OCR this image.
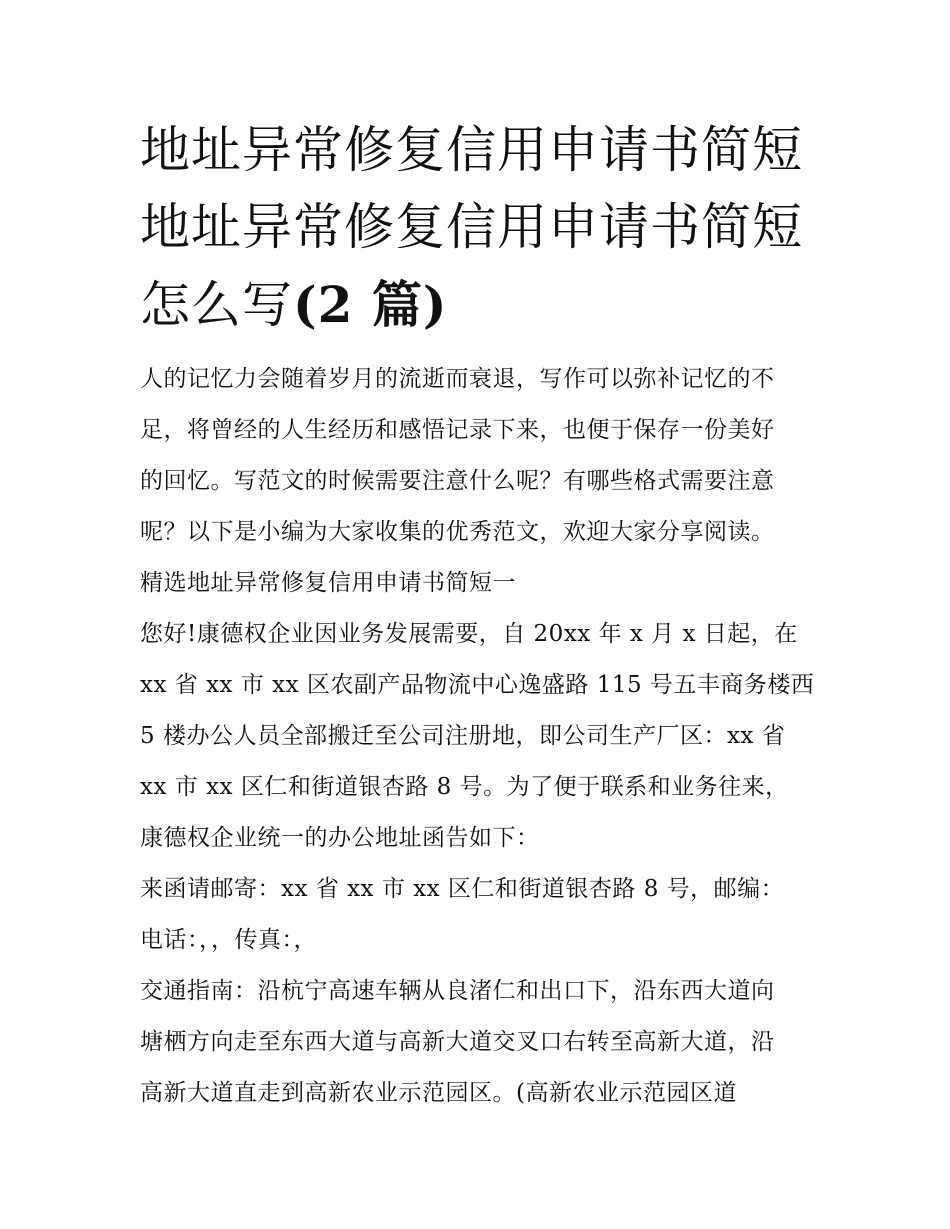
地址异常修复信用申请书简短
地址异常修复信用申请书简短
怎么写(2 篇)
人的记忆力会随着岁月的流逝而衰退，写作可以弥补记忆的不
足，将曾经的人生经历和感悟记录下来，也便于保存一份美好
的回忆。写范文的时候需要注意什么呢？有哪些格式需要注意
呢？以下是小编为大家收集的优秀范文，欢迎大家分享阅读。
精选地址异常修复信用申请书简短一
您好!康德权企业因业务发展需要，自 20xx 年 x 月 x 日起，在
xx 省 xx 市 xx 区农副产品物流中心逸盛路 115 号五丰商务楼西
5 楼办公人员全部搬迁至公司注册地，即公司生产厂区：xx 省
xx 市 xx 区仁和街道银杏路 8 号。为了便于联系和业务往来，
康德权企业统一的办公地址函告如下：
来函请邮寄：xx 省 xx 市 xx 区仁和街道银杏路 8 号，邮编：
电话：，，传真：，
交通指南：沿杭宁高速车辆从良渚仁和出口下，沿东西大道向
塘栖方向走至东西大道与高新大道交叉口右转至高新大道，沿
高新大道直走到高新农业示范园区。(高新农业示范园区道
